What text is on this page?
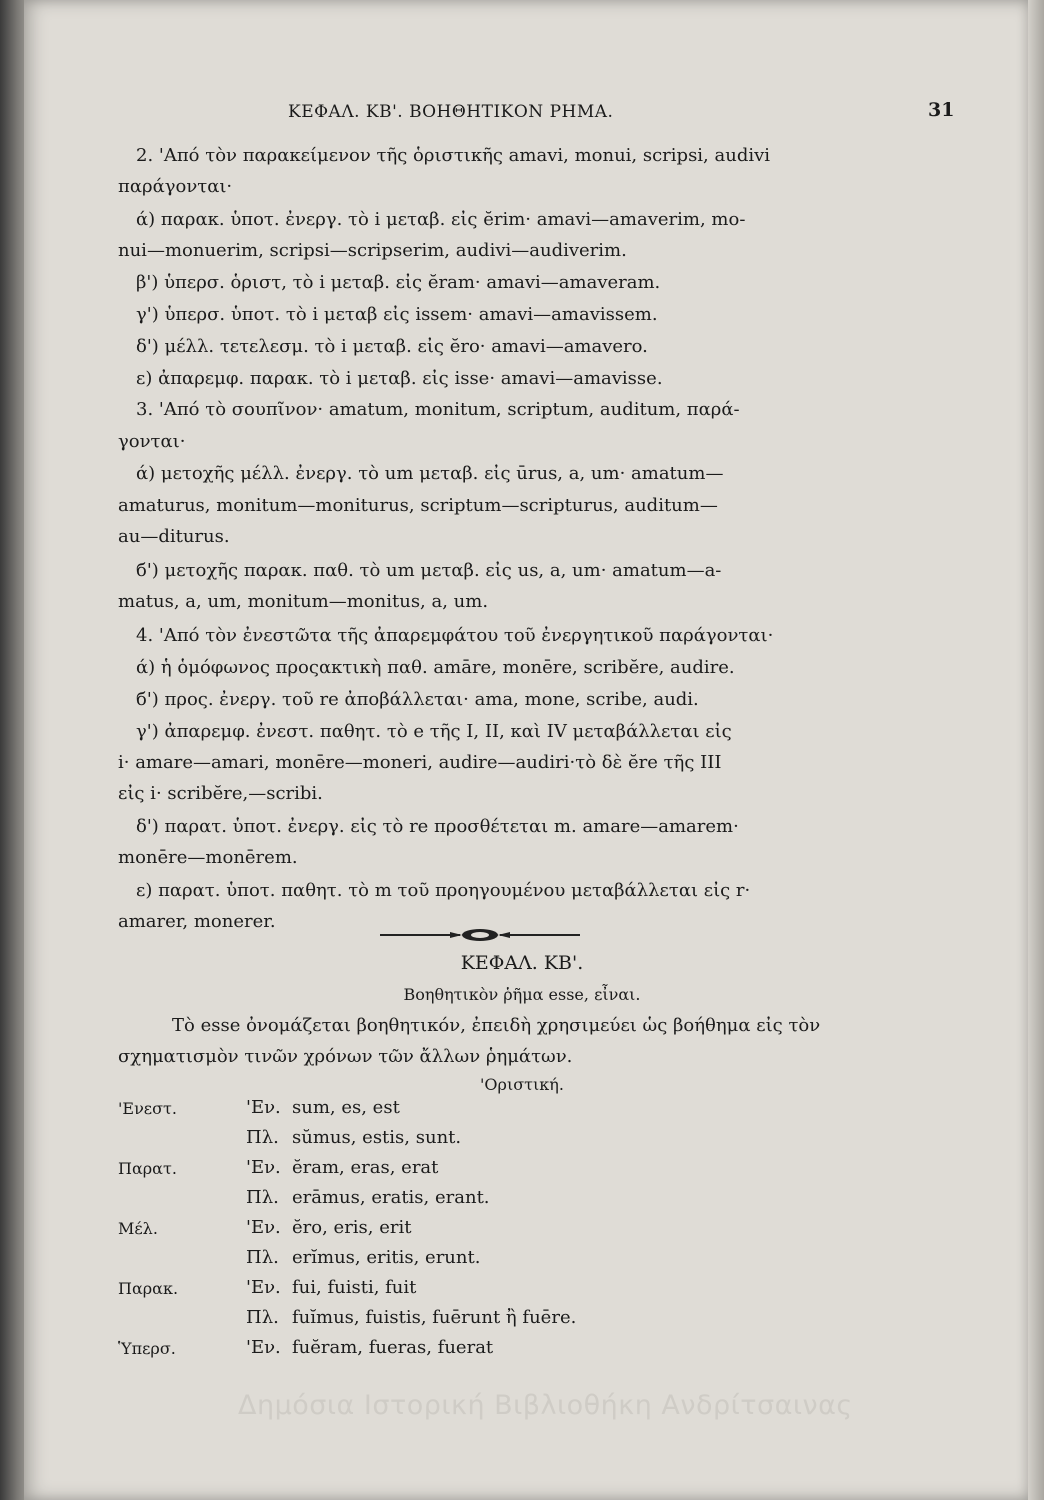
ΚΕΦΑΛ. ΚΒ'. ΒΟΗΘΗΤΙΚΟΝ ΡΗΜΑ.	31
2. 'Από τὸν παρακείμενον τῆς ὁριστικῆς amavi, monui, scripsi, audivi
παράγονται·
ά) παρακ. ὑποτ. ἐνεργ. τὸ i μεταβ. εἰς ĕrim· amavi—amaverim, mo-
nui—monuerim, scripsi—scripserim, audivi—audiverim.
β') ὑπερσ. ὁριστ, τὸ i μεταβ. εἰς ĕram· amavi—amaveram.
γ') ὑπερσ. ὑποτ. τὸ i μεταβ εἰς issem· amavi—amavissem.
δ') μέλλ. τετελεσμ. τὸ i μεταβ. εἰς ĕro· amavi—amavero.
ε) ἀπαρεμφ. παρακ. τὸ i μεταβ. εἰς isse· amavi—amavisse.
3. 'Από τὸ σουπῖνον· amatum, monitum, scriptum, auditum, παρά-
γονται·
ά) μετοχῆς μέλλ. ἐνεργ. τὸ um μεταβ. εἰς ūrus, a, um· amatum—
amaturus, monitum—moniturus, scriptum—scripturus, auditum—
au—diturus.
б') μετοχῆς παρακ. παθ. τὸ um μεταβ. εἰς us, a, um· amatum—a-
matus, a, um, monitum—monitus, a, um.
4. 'Από τὸν ἐνεστῶτα τῆς ἀπαρεμφάτου τοῦ ἐνεργητικοῦ παράγονται·
ά) ἡ ὁμόφωνος προςακτικὴ παθ. amāre, monēre, scribĕre, audire.
б') προς. ἐνεργ. τοῦ re ἀποβάλλεται· ama, mone, scribe, audi.
γ') ἀπαρεμφ. ἐνεστ. παθητ. τὸ e τῆς I, II, καὶ IV μεταβάλλεται εἰς
i· amare—amari, monēre—moneri, audire—audiri·τὸ δὲ ĕre τῆς III
εἰς i· scribĕre,—scribi.
δ') παρατ. ὑποτ. ἐνεργ. εἰς τὸ re προσθέτεται m. amare—amarem·
monēre—monērem.
ε) παρατ. ὑποτ. παθητ. τὸ m τοῦ προηγουμένου μεταβάλλεται εἰς r·
amarer, monerer.
ΚΕΦΑΛ. ΚΒ'.
Βοηθητικὸν ῥῆμα esse, εἶναι.
Τὸ esse ὀνομάζεται βοηθητικόν, ἐπειδὴ χρησιμεύει ὡς βοήθημα εἰς τὸν
σχηματισμὸν τινῶν χρόνων τῶν ἄλλων ῥημάτων.
'Οριστική.
'Ενεστ.	'Εν. sum, es, est
Πλ. sŭmus, estis, sunt.
Παρατ.	'Εν. ĕram, eras, erat
Πλ. erāmus, eratis, erant.
Μέλ.	'Εν. ĕro, eris, erit
Πλ. erĭmus, eritis, erunt.
Παρακ.	'Εν. fui, fuisti, fuit
Πλ. fuĭmus, fuistis, fuērunt ἢ fuēre.
Ὑπερσ.	'Εν. fuĕram, fueras, fuerat
Δημόσια Ιστορική Βιβλιοθήκη Ανδρίτσαινας
